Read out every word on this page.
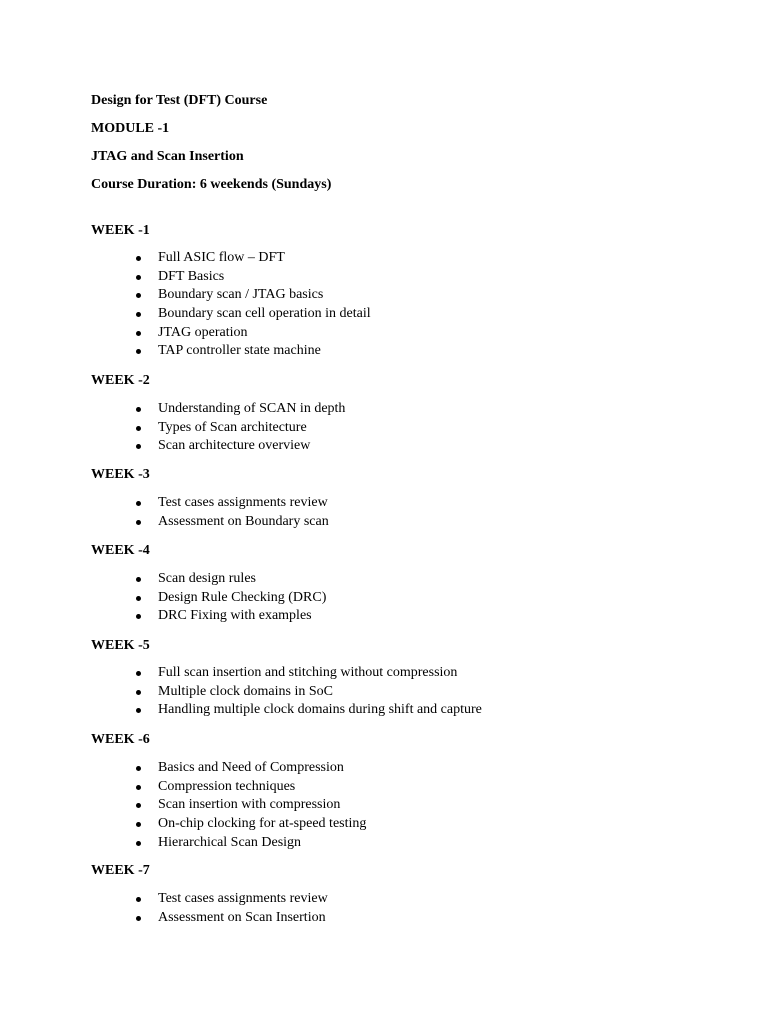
Design for Test (DFT) Course

MODULE -1

JTAG and Scan Insertion

Course Duration: 6 weekends (Sundays)

WEEK -1

Full ASIC flow – DFT
DFT Basics
Boundary scan / JTAG basics
Boundary scan cell operation in detail
JTAG operation
TAP controller state machine

WEEK -2

Understanding of SCAN in depth
Types of Scan architecture
Scan architecture overview

WEEK -3

Test cases assignments review
Assessment on Boundary scan

WEEK -4

Scan design rules
Design Rule Checking (DRC)
DRC Fixing with examples

WEEK -5

Full scan insertion and stitching without compression
Multiple clock domains in SoC
Handling multiple clock domains during shift and capture

WEEK -6

Basics and Need of Compression
Compression techniques
Scan insertion with compression
On-chip clocking for at-speed testing
Hierarchical Scan Design

WEEK -7

Test cases assignments review
Assessment on Scan Insertion
